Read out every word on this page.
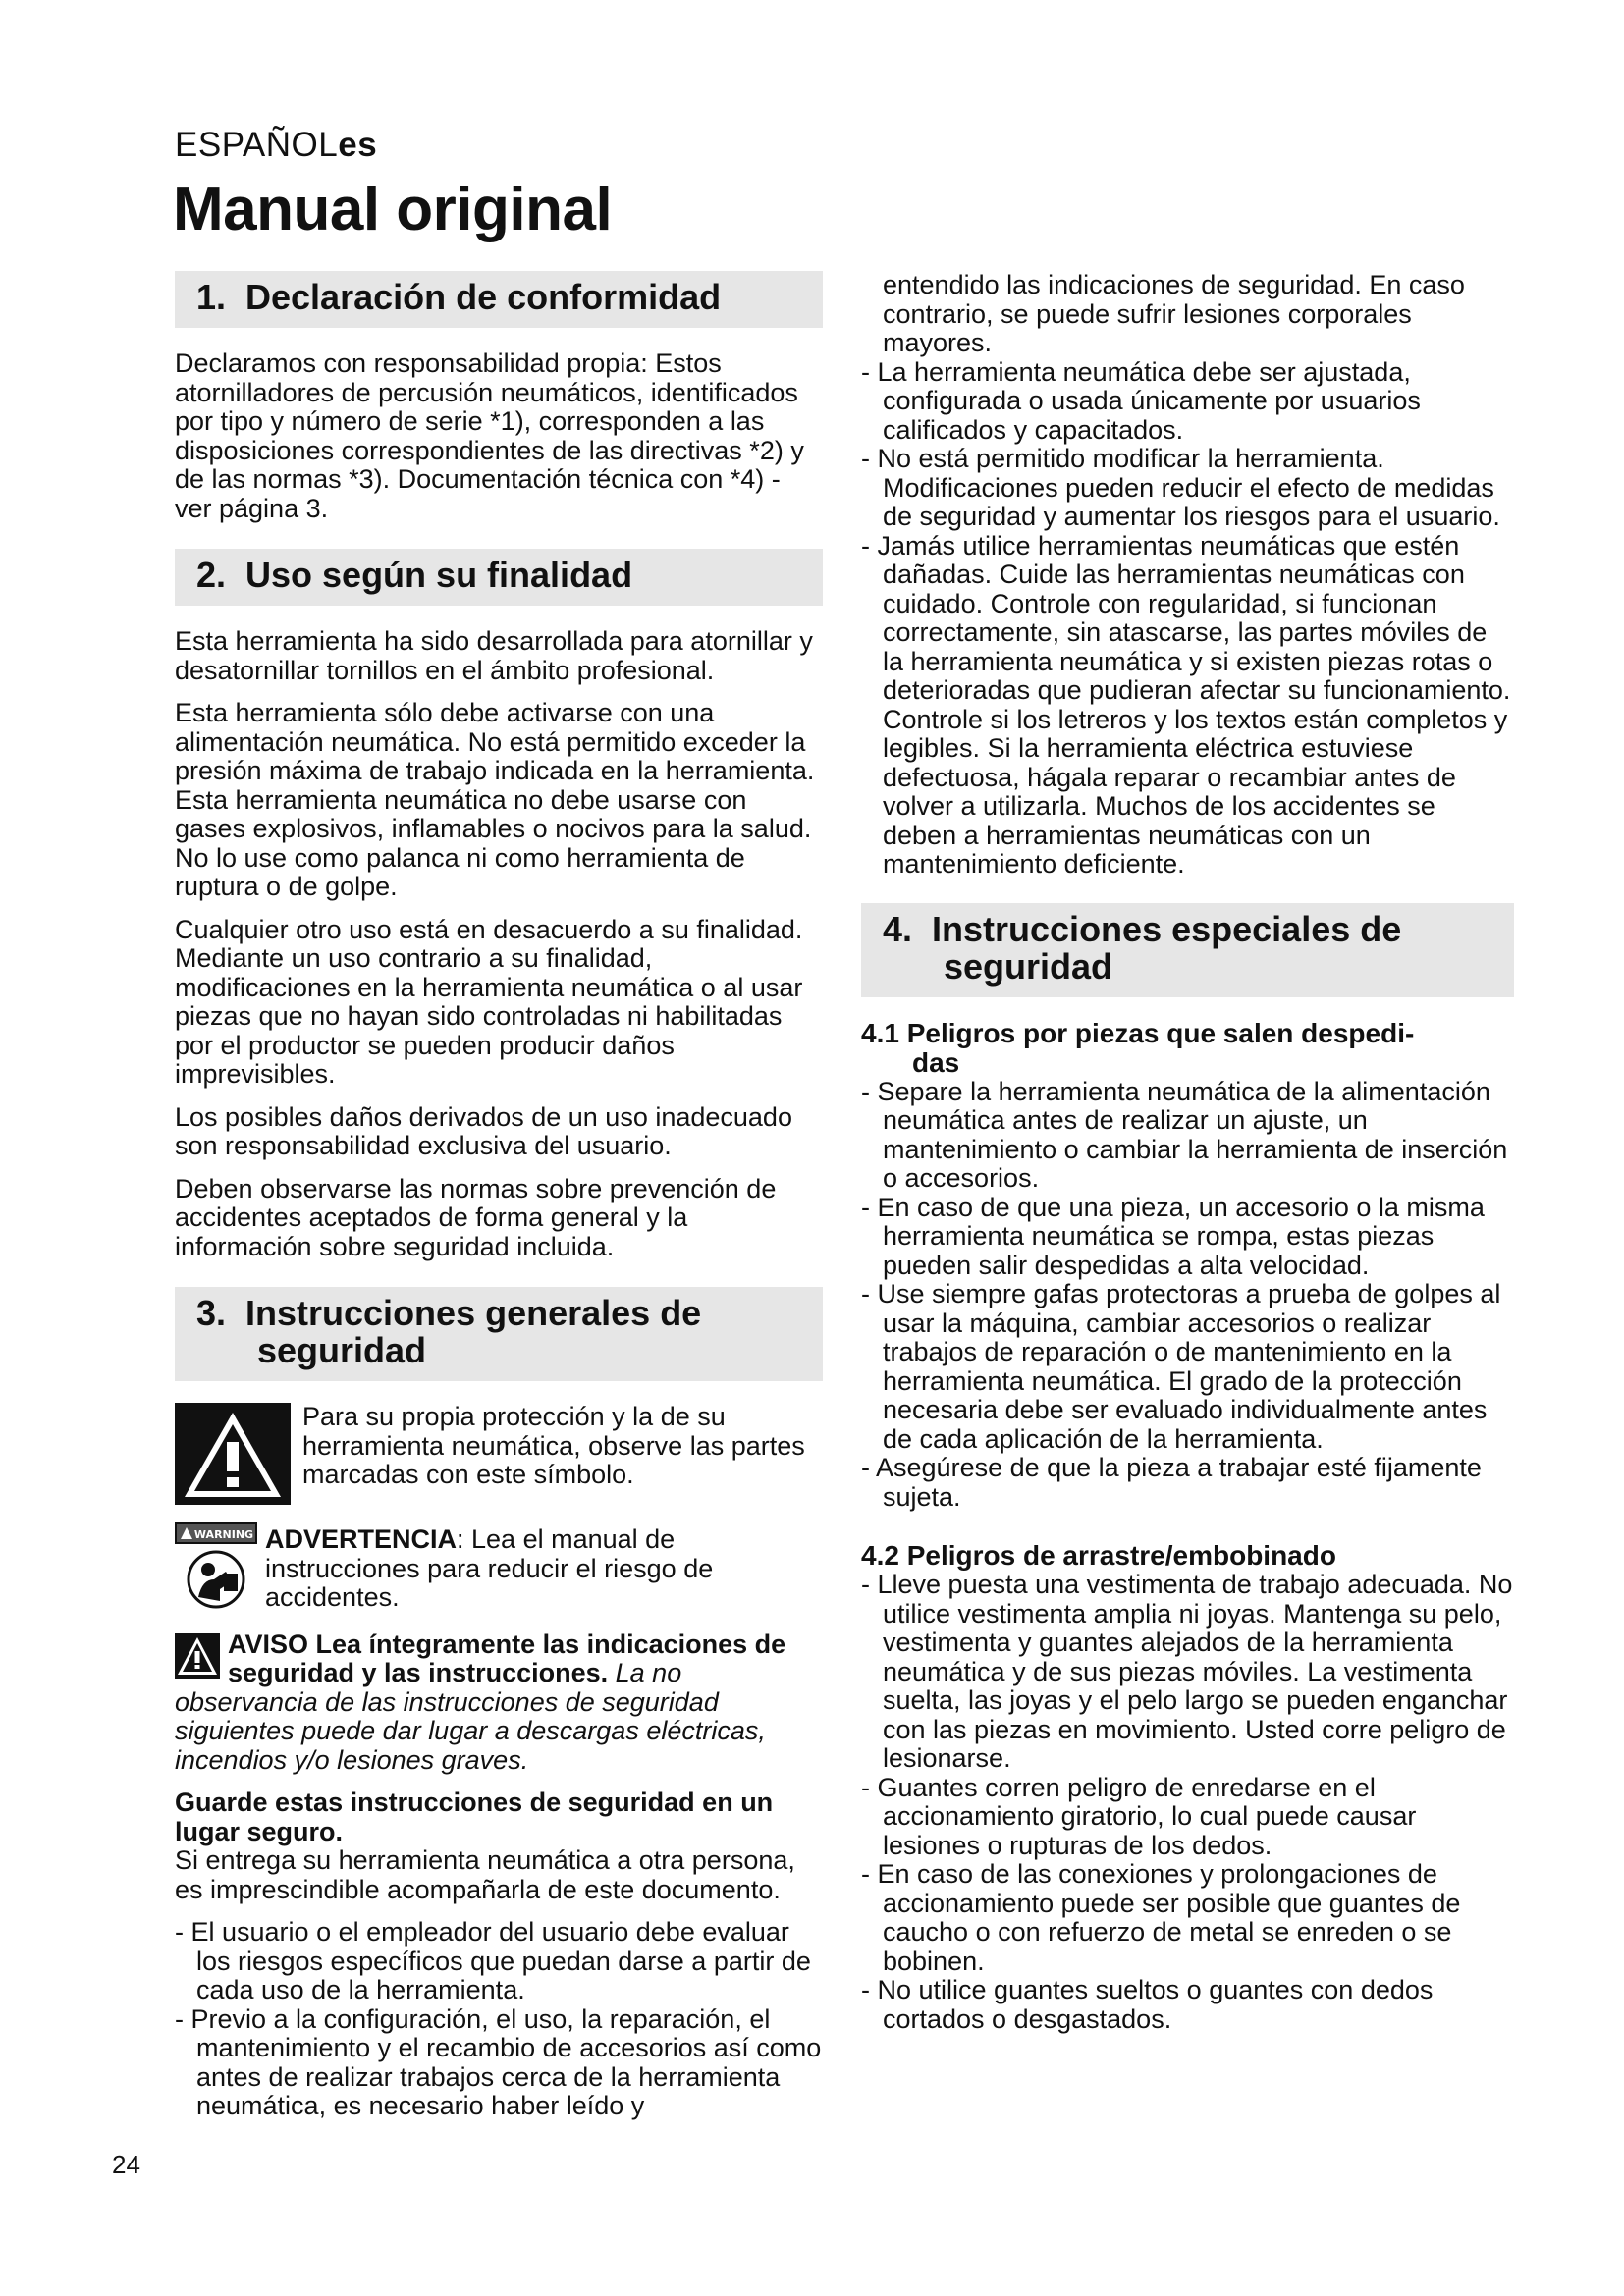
ESPAÑOLes
Manual original
1. Declaración de conformidad

Declaramos con responsabilidad propia: Estos atornilladores de percusión neumáticos, identificados por tipo y número de serie *1), corresponden a las disposiciones correspondientes de las directivas *2) y de las normas *3). Documentación técnica con *4) - ver página 3.

2. Uso según su finalidad

Esta herramienta ha sido desarrollada para atornillar y desatornillar tornillos en el ámbito profesional.

Esta herramienta sólo debe activarse con una alimentación neumática. No está permitido exceder la presión máxima de trabajo indicada en la herramienta. Esta herramienta neumática no debe usarse con gases explosivos, inflamables o nocivos para la salud. No lo use como palanca ni como herramienta de ruptura o de golpe.

Cualquier otro uso está en desacuerdo a su finalidad. Mediante un uso contrario a su finalidad, modificaciones en la herramienta neumática o al usar piezas que no hayan sido controladas ni habilitadas por el productor se pueden producir daños imprevisibles.

Los posibles daños derivados de un uso inadecuado son responsabilidad exclusiva del usuario.

Deben observarse las normas sobre prevención de accidentes aceptados de forma general y la información sobre seguridad incluida.

3. Instrucciones generales de
seguridad
Para su propia protección y la de su herramienta neumática, observe las partes marcadas con este símbolo.
WARNING ADVERTENCIA: Lea el manual de instrucciones para reducir el riesgo de accidentes.
AVISO Lea íntegramente las indicaciones de seguridad y las instrucciones. La no observancia de las instrucciones de seguridad siguientes puede dar lugar a descargas eléctricas, incendios y/o lesiones graves.
Guarde estas instrucciones de seguridad en un lugar seguro.

Si entrega su herramienta neumática a otra persona, es imprescindible acompañarla de este documento.

- El usuario o el empleador del usuario debe evaluar los riesgos específicos que puedan darse a partir de cada uso de la herramienta.
- Previo a la configuración, el uso, la reparación, el mantenimiento y el recambio de accesorios así como antes de realizar trabajos cerca de la herramienta neumática, es necesario haber leído y
entendido las indicaciones de seguridad. En caso contrario, se puede sufrir lesiones corporales mayores.
- La herramienta neumática debe ser ajustada, configurada o usada únicamente por usuarios calificados y capacitados.
- No está permitido modificar la herramienta. Modificaciones pueden reducir el efecto de medidas de seguridad y aumentar los riesgos para el usuario.
- Jamás utilice herramientas neumáticas que estén dañadas. Cuide las herramientas neumáticas con cuidado. Controle con regularidad, si funcionan correctamente, sin atascarse, las partes móviles de la herramienta neumática y si existen piezas rotas o deterioradas que pudieran afectar su funcionamiento. Controle si los letreros y los textos están completos y legibles. Si la herramienta eléctrica estuviese defectuosa, hágala reparar o recambiar antes de volver a utilizarla. Muchos de los accidentes se deben a herramientas neumáticas con un mantenimiento deficiente.
4. Instrucciones especiales de
seguridad
4.1 Peligros por piezas que salen despedi-
das
- Separe la herramienta neumática de la alimentación neumática antes de realizar un ajuste, un mantenimiento o cambiar la herramienta de inserción o accesorios.
- En caso de que una pieza, un accesorio o la misma herramienta neumática se rompa, estas piezas pueden salir despedidas a alta velocidad.
- Use siempre gafas protectoras a prueba de golpes al usar la máquina, cambiar accesorios o realizar trabajos de reparación o de mantenimiento en la herramienta neumática. El grado de la protección necesaria debe ser evaluado individualmente antes de cada aplicación de la herramienta.
- Asegúrese de que la pieza a trabajar esté fijamente sujeta.
4.2 Peligros de arrastre/embobinado
- Lleve puesta una vestimenta de trabajo adecuada. No utilice vestimenta amplia ni joyas. Mantenga su pelo, vestimenta y guantes alejados de la herramienta neumática y de sus piezas móviles. La vestimenta suelta, las joyas y el pelo largo se pueden enganchar con las piezas en movimiento. Usted corre peligro de lesionarse.
- Guantes corren peligro de enredarse en el accionamiento giratorio, lo cual puede causar lesiones o rupturas de los dedos.
- En caso de las conexiones y prolongaciones de accionamiento puede ser posible que guantes de caucho o con refuerzo de metal se enreden o se bobinen.
- No utilice guantes sueltos o guantes con dedos cortados o desgastados.
24
